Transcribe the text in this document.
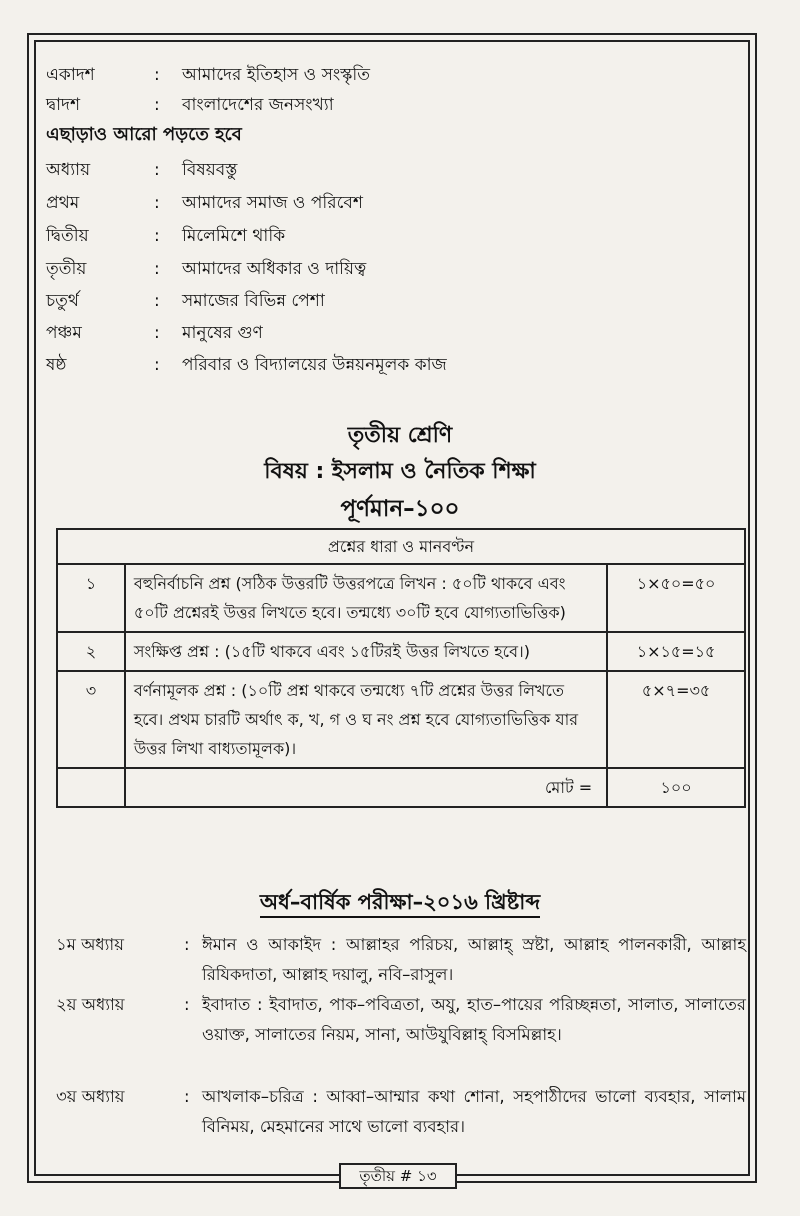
একাদশ	: আমাদের ইতিহাস ও সংস্কৃতি
দ্বাদশ	: বাংলাদেশের জনসংখ্যা
এছাড়াও আরো পড়তে হবে
অধ্যায়	: বিষয়বস্তু
প্রথম	: আমাদের সমাজ ও পরিবেশ
দ্বিতীয়	: মিলেমিশে থাকি
তৃতীয়	: আমাদের অধিকার ও দায়িত্ব
চতুর্থ	: সমাজের বিভিন্ন পেশা
পঞ্চম	: মানুষের গুণ
ষষ্ঠ	: পরিবার ও বিদ্যালয়ের উন্নয়নমূলক কাজ
তৃতীয় শ্রেণি
বিষয় : ইসলাম ও নৈতিক শিক্ষা
পূর্ণমান–১০০
প্রশ্নের ধারা ও মানবণ্টন		
১	বহুনির্বাচনি প্রশ্ন (সঠিক উত্তরটি উত্তরপত্রে লিখন : ৫০টি থাকবে এবং ৫০টি প্রশ্নেরই উত্তর লিখতে হবে। তন্মধ্যে ৩০টি হবে যোগ্যতাভিত্তিক)	১×৫০=৫০
২	সংক্ষিপ্ত প্রশ্ন : (১৫টি থাকবে এবং ১৫টিরই উত্তর লিখতে হবে।)	১×১৫=১৫
৩	বর্ণনামূলক প্রশ্ন : (১০টি প্রশ্ন থাকবে তন্মধ্যে ৭টি প্রশ্নের উত্তর লিখতে হবে। প্রথম চারটি অর্থাৎ ক, খ, গ ও ঘ নং প্রশ্ন হবে যোগ্যতাভিত্তিক যার উত্তর লিখা বাধ্যতামূলক)।	৫×৭=৩৫
	মোট =	১০০
অর্ধ–বার্ষিক পরীক্ষা–২০১৬ খ্রিষ্টাব্দ
১ম অধ্যায়	: ঈমান ও আকাইদ : আল্লাহর পরিচয়, আল্লাহ্ স্রষ্টা, আল্লাহ পালনকারী, আল্লাহ রিযিকদাতা, আল্লাহ দয়ালু, নবি–রাসুল।
২য় অধ্যায়	: ইবাদাত : ইবাদাত, পাক–পবিত্রতা, অযু, হাত–পায়ের পরিচ্ছন্নতা, সালাত, সালাতের ওয়াক্ত, সালাতের নিয়ম, সানা, আউযুবিল্লাহ্ বিসমিল্লাহ।
৩য় অধ্যায়	: আখলাক–চরিত্র : আব্বা–আম্মার কথা শোনা, সহপাঠীদের ভালো ব্যবহার, সালাম বিনিময়, মেহমানের সাথে ভালো ব্যবহার।
তৃতীয় # ১৩
